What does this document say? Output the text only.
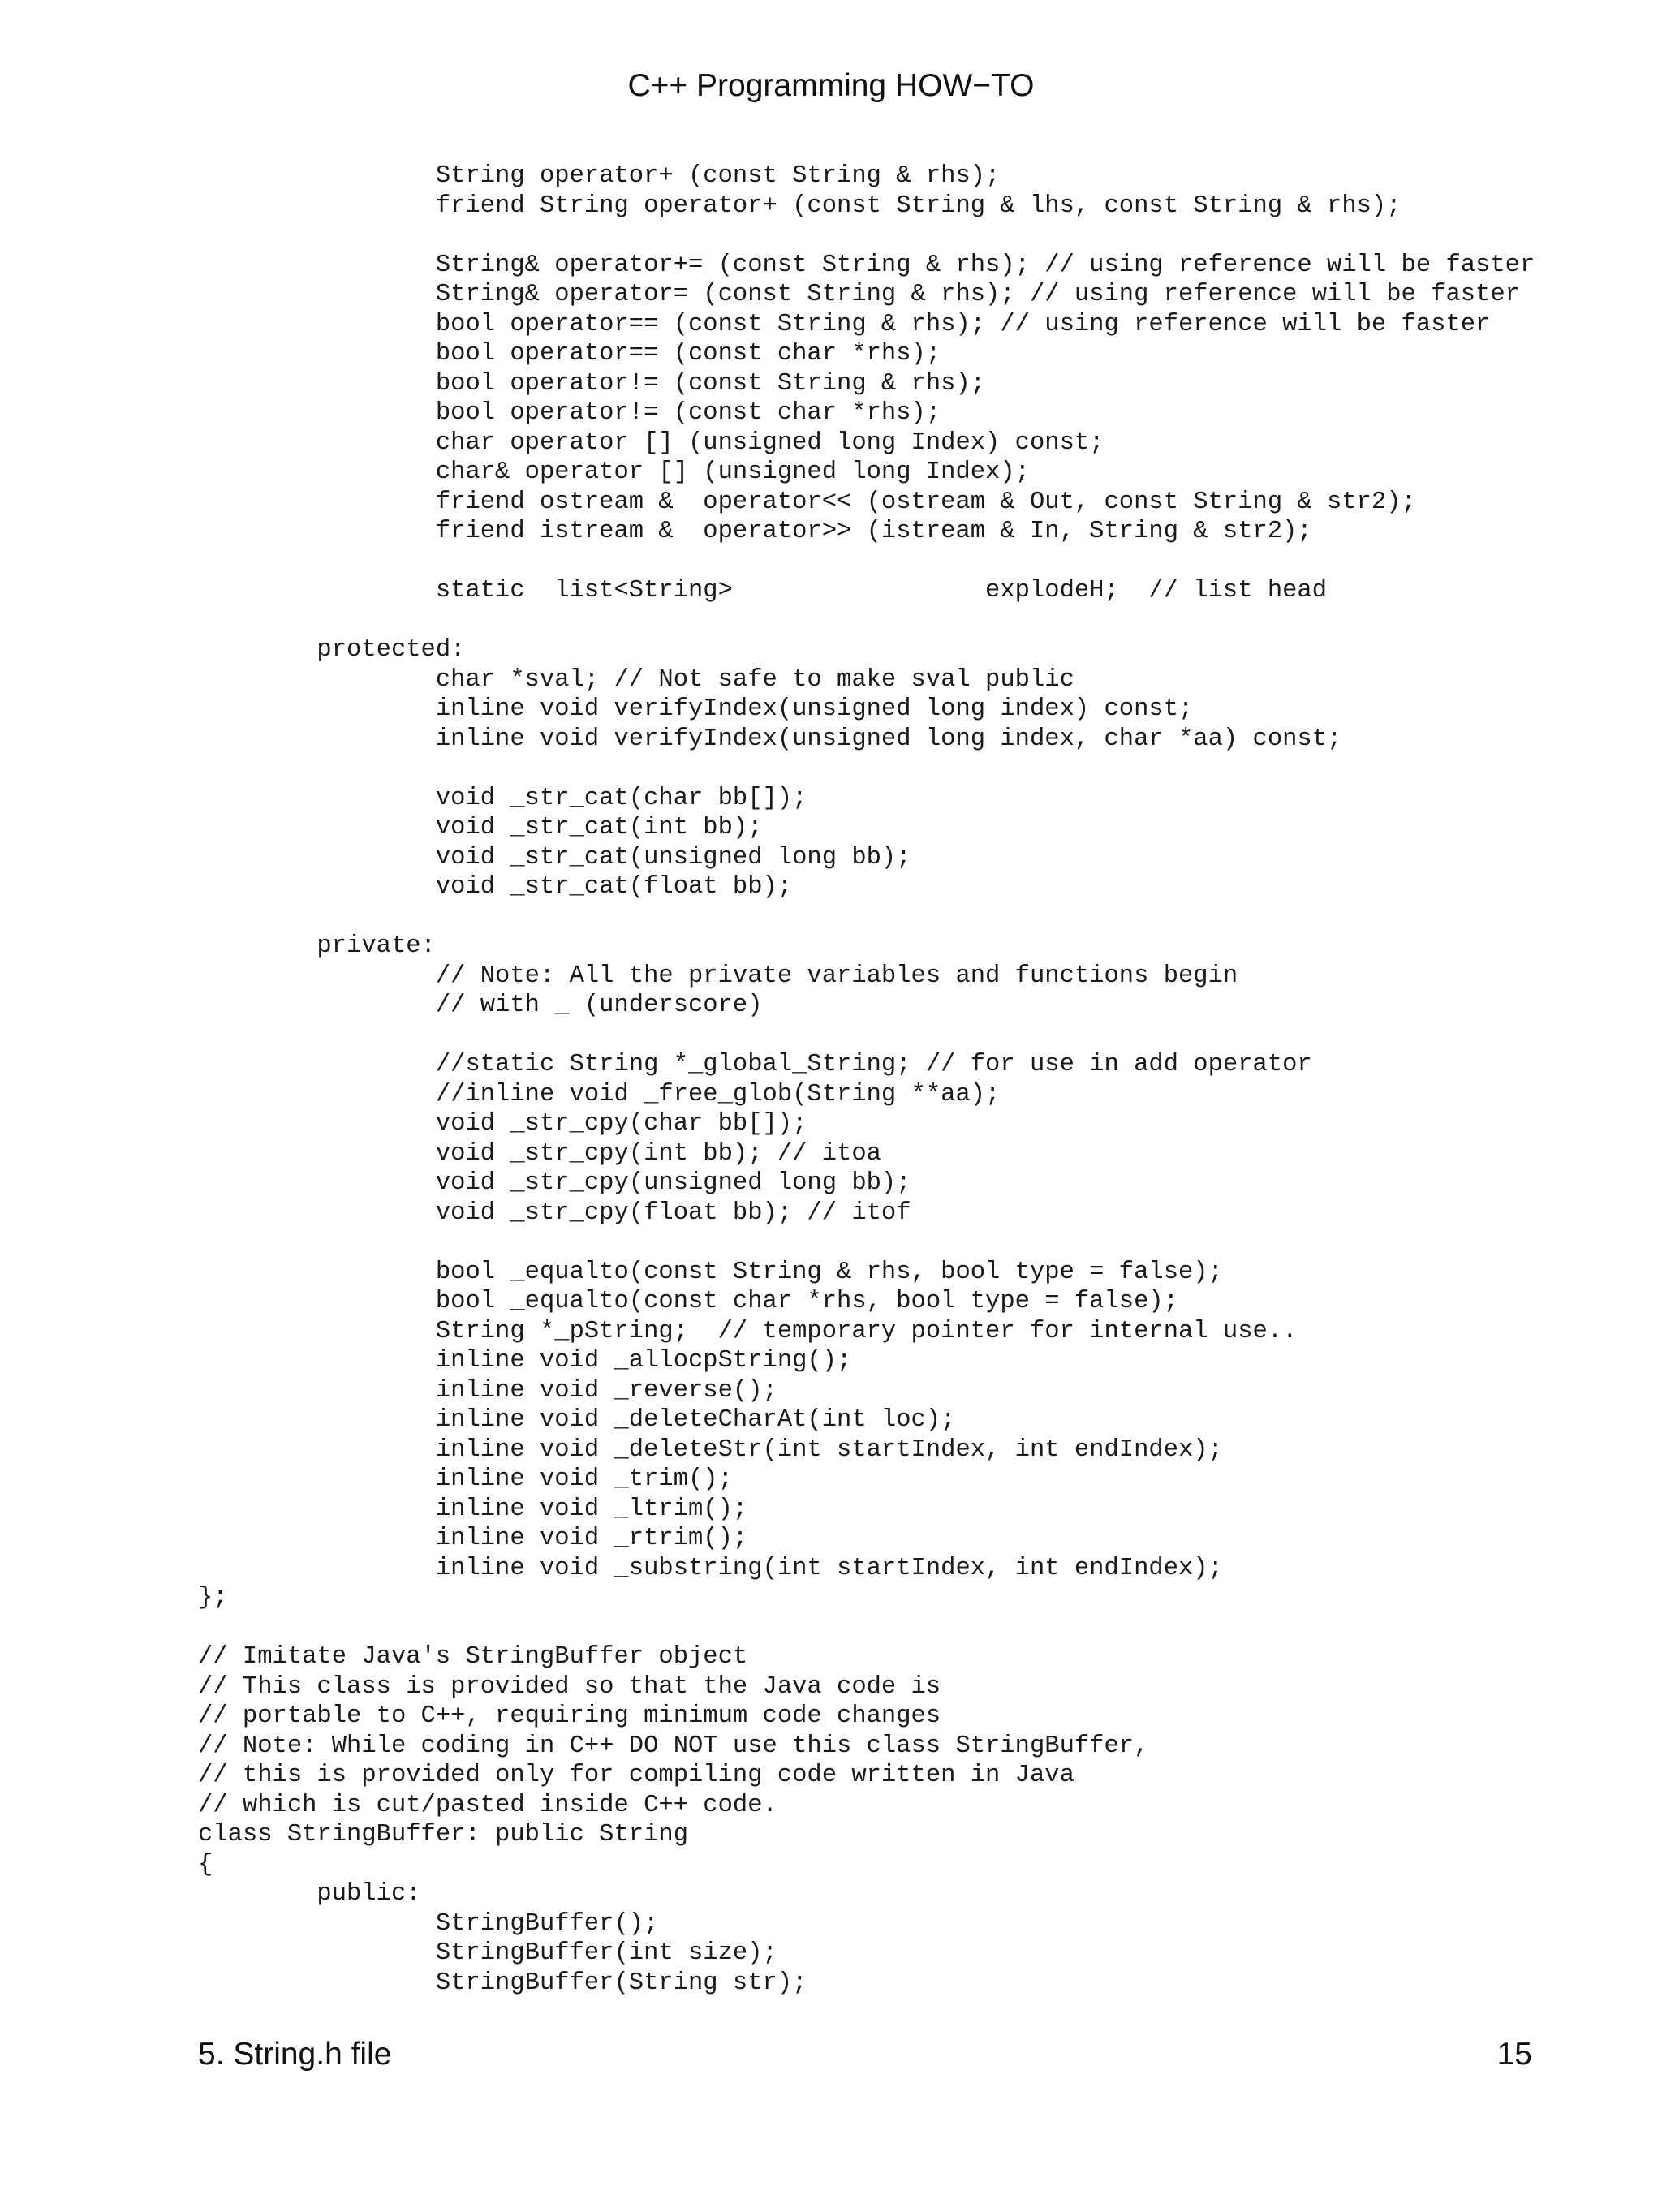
C++ Programming HOW−TO
String operator+ (const String & rhs);
friend String operator+ (const String & lhs, const String & rhs);
String& operator+= (const String & rhs); // using reference will be faster
String& operator= (const String & rhs); // using reference will be faster
bool operator== (const String & rhs); // using reference will be faster
bool operator== (const char *rhs);
bool operator!= (const String & rhs);
bool operator!= (const char *rhs);
char operator [] (unsigned long Index) const;
char& operator [] (unsigned long Index);
friend ostream &  operator<< (ostream & Out, const String & str2);
friend istream &  operator>> (istream & In, String & str2);
static  list<String>                 explodeH;  // list head
protected:
char *sval; // Not safe to make sval public
inline void verifyIndex(unsigned long index) const;
inline void verifyIndex(unsigned long index, char *aa) const;
void _str_cat(char bb[]);
void _str_cat(int bb);
void _str_cat(unsigned long bb);
void _str_cat(float bb);
private:
// Note: All the private variables and functions begin
// with _ (underscore)
//static String *_global_String; // for use in add operator
//inline void _free_glob(String **aa);
void _str_cpy(char bb[]);
void _str_cpy(int bb); // itoa
void _str_cpy(unsigned long bb);
void _str_cpy(float bb); // itof
bool _equalto(const String & rhs, bool type = false);
bool _equalto(const char *rhs, bool type = false);
String *_pString;  // temporary pointer for internal use..
inline void _allocpString();
inline void _reverse();
inline void _deleteCharAt(int loc);
inline void _deleteStr(int startIndex, int endIndex);
inline void _trim();
inline void _ltrim();
inline void _rtrim();
inline void _substring(int startIndex, int endIndex);
};
// Imitate Java's StringBuffer object
// This class is provided so that the Java code is
// portable to C++, requiring minimum code changes
// Note: While coding in C++ DO NOT use this class StringBuffer,
// this is provided only for compiling code written in Java
// which is cut/pasted inside C++ code.
class StringBuffer: public String
{
public:
StringBuffer();
StringBuffer(int size);
StringBuffer(String str);
5. String.h file	15
